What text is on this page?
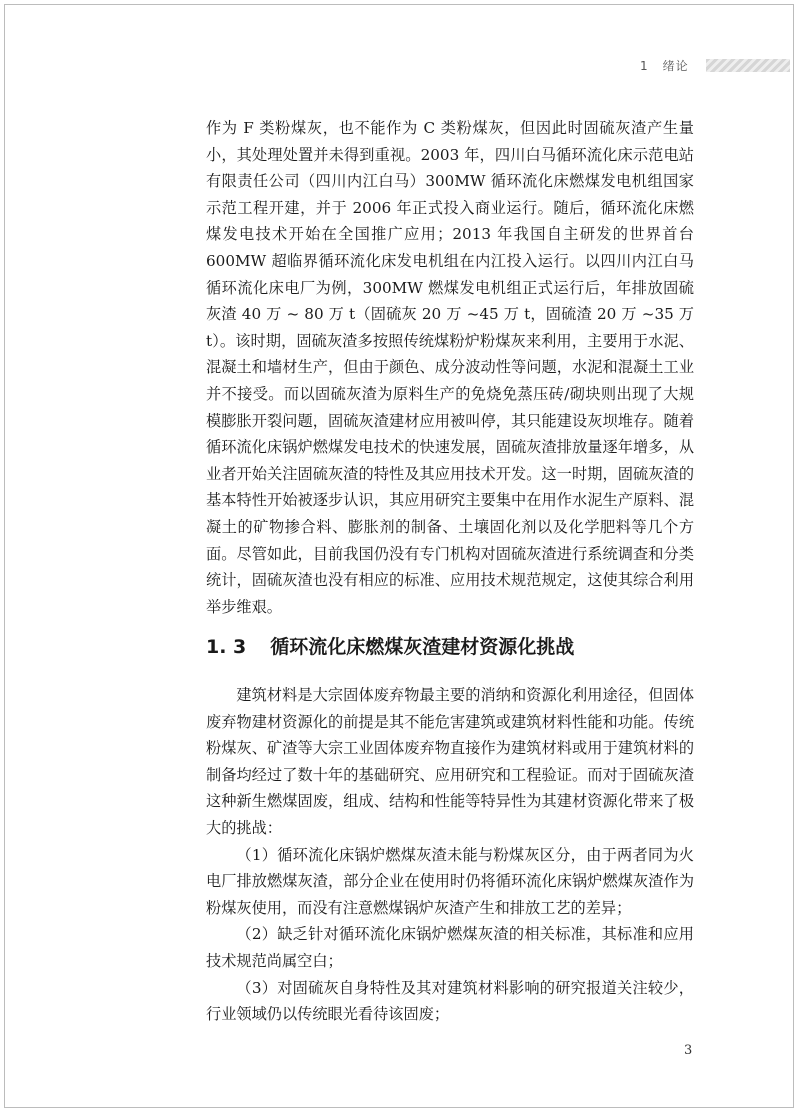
1 绪论
作为 F 类粉煤灰，也不能作为 C 类粉煤灰，但因此时固硫灰渣产生量小，其处理处置并未得到重视。2003 年，四川白马循环流化床示范电站有限责任公司（四川内江白马）300MW 循环流化床燃煤发电机组国家示范工程开建，并于 2006 年正式投入商业运行。随后，循环流化床燃煤发电技术开始在全国推广应用；2013 年我国自主研发的世界首台 600MW 超临界循环流化床发电机组在内江投入运行。以四川内江白马循环流化床电厂为例，300MW 燃煤发电机组正式运行后，年排放固硫灰渣 40 万 ~ 80 万 t（固硫灰 20 万 ~45 万 t，固硫渣 20 万 ~35 万 t）。该时期，固硫灰渣多按照传统煤粉炉粉煤灰来利用，主要用于水泥、混凝土和墙材生产，但由于颜色、成分波动性等问题，水泥和混凝土工业并不接受。而以固硫灰渣为原料生产的免烧免蒸压砖/砌块则出现了大规模膨胀开裂问题，固硫灰渣建材应用被叫停，其只能建设灰坝堆存。随着循环流化床锅炉燃煤发电技术的快速发展，固硫灰渣排放量逐年增多，从业者开始关注固硫灰渣的特性及其应用技术开发。这一时期，固硫灰渣的基本特性开始被逐步认识，其应用研究主要集中在用作水泥生产原料、混凝土的矿物掺合料、膨胀剂的制备、土壤固化剂以及化学肥料等几个方面。尽管如此，目前我国仍没有专门机构对固硫灰渣进行系统调查和分类统计，固硫灰渣也没有相应的标准、应用技术规范规定，这使其综合利用举步维艰。
1. 3 循环流化床燃煤灰渣建材资源化挑战

建筑材料是大宗固体废弃物最主要的消纳和资源化利用途径，但固体废弃物建材资源化的前提是其不能危害建筑或建筑材料性能和功能。传统粉煤灰、矿渣等大宗工业固体废弃物直接作为建筑材料或用于建筑材料的制备均经过了数十年的基础研究、应用研究和工程验证。而对于固硫灰渣这种新生燃煤固废，组成、结构和性能等特异性为其建材资源化带来了极大的挑战：

（1）循环流化床锅炉燃煤灰渣未能与粉煤灰区分，由于两者同为火电厂排放燃煤灰渣，部分企业在使用时仍将循环流化床锅炉燃煤灰渣作为粉煤灰使用，而没有注意燃煤锅炉灰渣产生和排放工艺的差异；

（2）缺乏针对循环流化床锅炉燃煤灰渣的相关标准，其标准和应用技术规范尚属空白；

（3）对固硫灰自身特性及其对建筑材料影响的研究报道关注较少，行业领域仍以传统眼光看待该固废；

3
